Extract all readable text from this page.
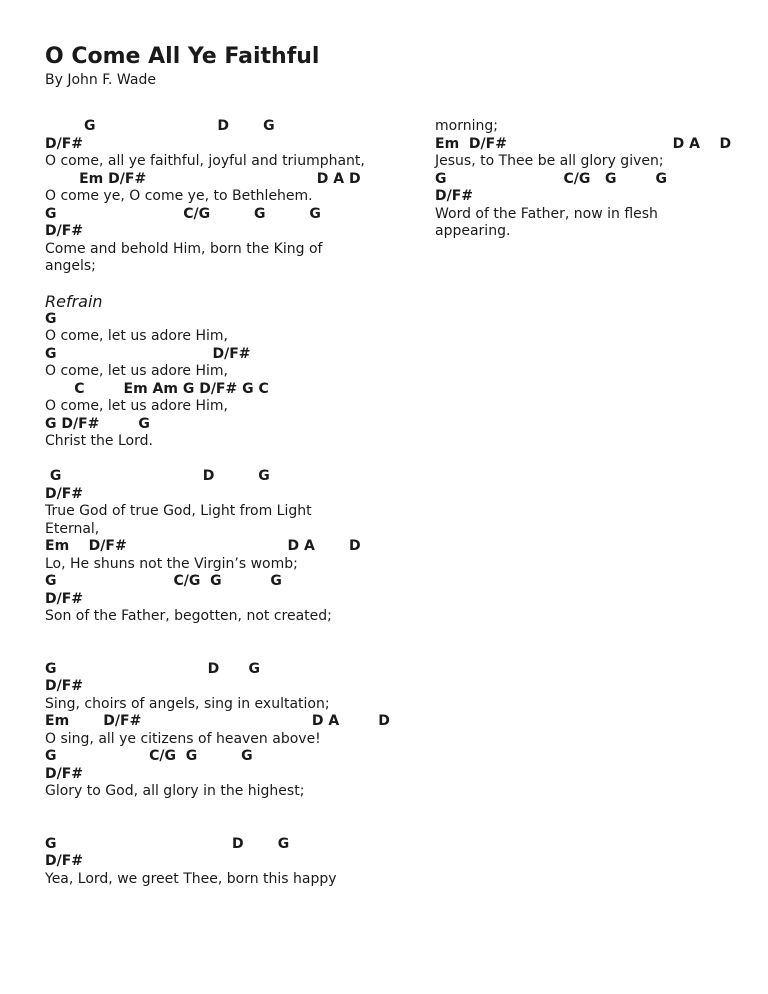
O Come All Ye Faithful
By John F. Wade
G                         D       G
D/F#
O come, all ye faithful, joyful and triumphant,
Em D/F#                                   D A D
O come ye, O come ye, to Bethlehem.
G                          C/G         G         G
D/F#
Come and behold Him, born the King of
angels;
Refrain
G
O come, let us adore Him,
G                                D/F#
O come, let us adore Him,
C        Em Am G D/F# G C
O come, let us adore Him,
G D/F#        G
Christ the Lord.
G                             D         G
D/F#
True God of true God, Light from Light
Eternal,
Em    D/F#                                 D A       D
Lo, He shuns not the Virgin’s womb;
G                        C/G  G          G
D/F#
Son of the Father, begotten, not created;
G                               D      G
D/F#
Sing, choirs of angels, sing in exultation;
Em       D/F#                                   D A        D
O sing, all ye citizens of heaven above!
G                   C/G  G         G
D/F#
Glory to God, all glory in the highest;
G                                    D       G
D/F#
Yea, Lord, we greet Thee, born this happy
morning;
Em  D/F#                                  D A    D
Jesus, to Thee be all glory given;
G                        C/G   G        G
D/F#
Word of the Father, now in flesh
appearing.
